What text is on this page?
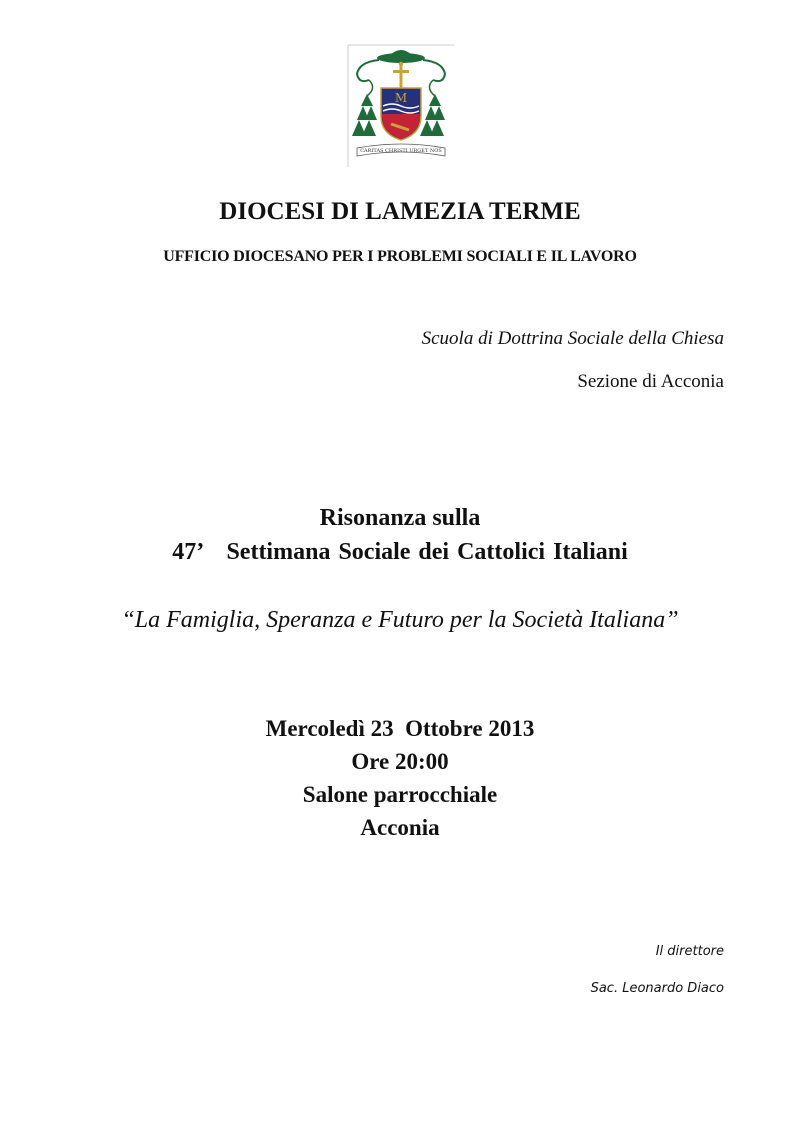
M
CARITAS CHRISTI URGET NOS
DIOCESI DI LAMEZIA TERME
UFFICIO DIOCESANO PER I PROBLEMI SOCIALI E IL LAVORO
Scuola di Dottrina Sociale della Chiesa
Sezione di Acconia
Risonanza sulla
47’   Settimana Sociale dei Cattolici Italiani
“La Famiglia, Speranza e Futuro per la Società Italiana”
Mercoledì 23  Ottobre 2013
Ore 20:00
Salone parrocchiale
Acconia
Il direttore
Sac. Leonardo Diaco
